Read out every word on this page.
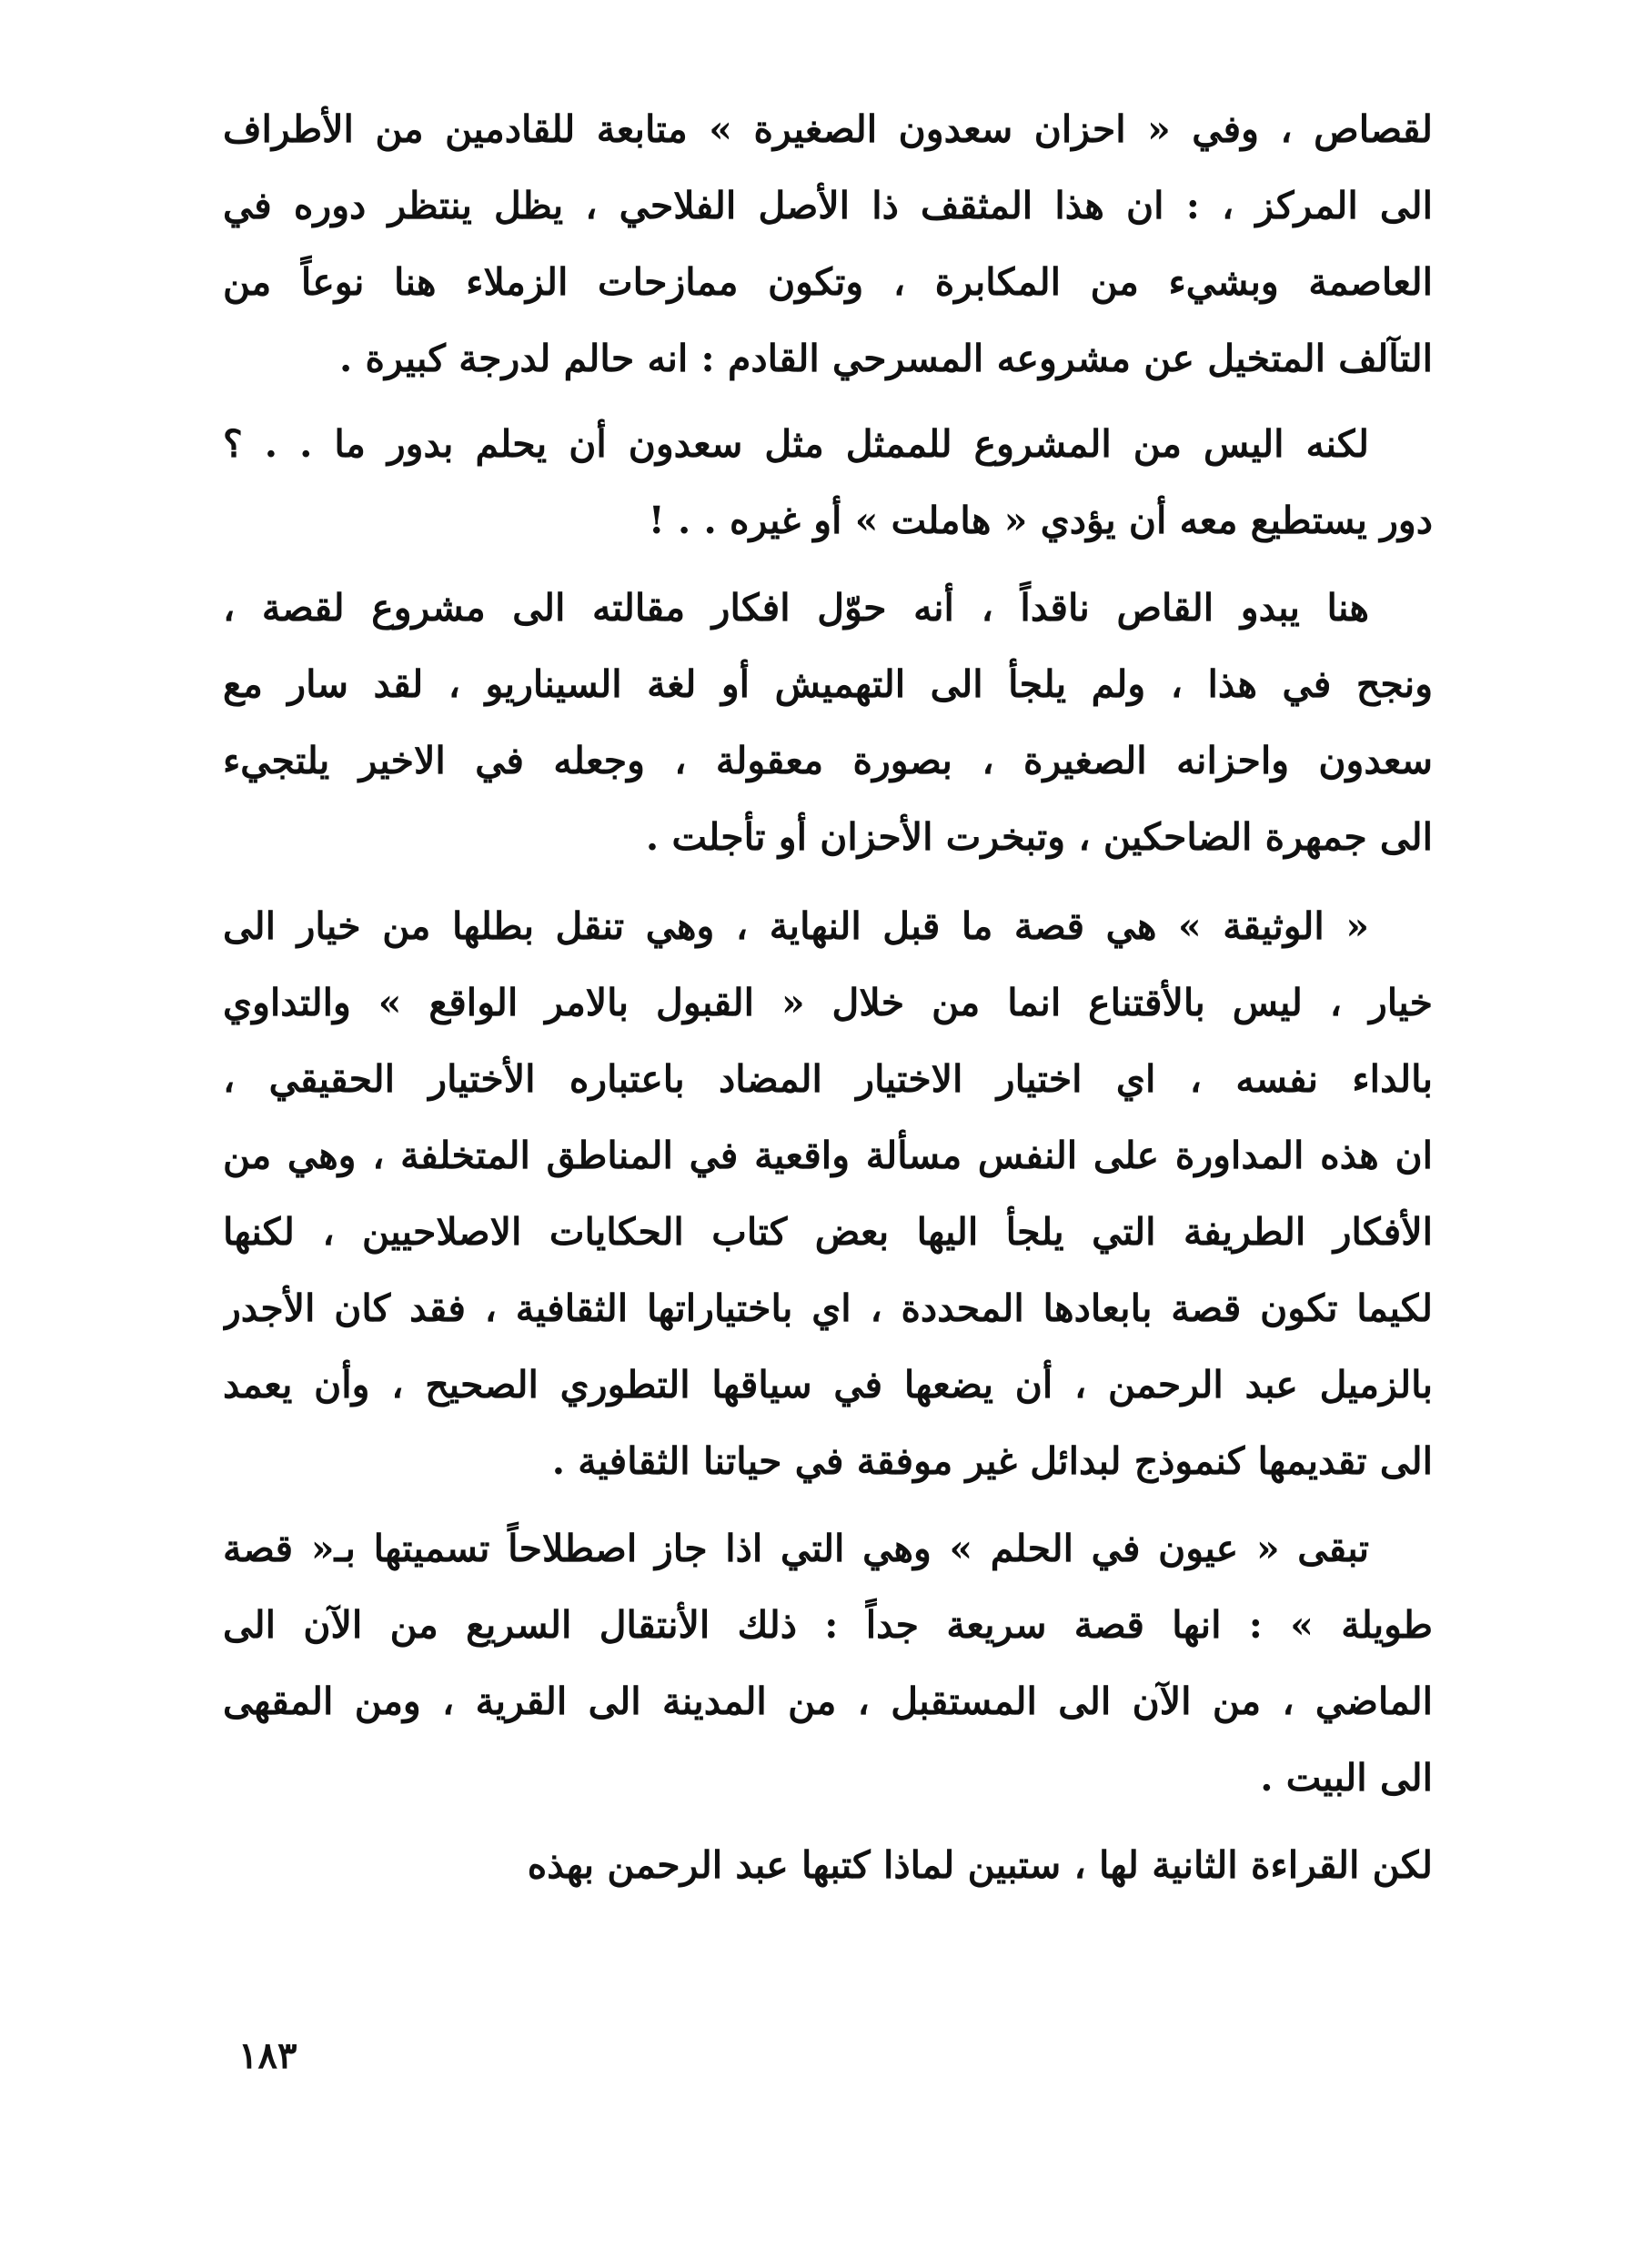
لقصاص ، وفي « احزان سعدون الصغيرة » متابعة للقادمين من الأطراف
الى المركز ، : ان هذا المثقف ذا الأصل الفلاحي ، يظل ينتظر دوره في
العاصمة وبشيء من المكابرة ، وتكون ممازحات الزملاء هنا نوعاً من
التآلف المتخيل عن مشروعه المسرحي القادم : انه حالم لدرجة كبيرة .
لكنه اليس من المشروع للممثل مثل سعدون أن يحلم بدور ما . . ؟
دور يستطيع معه أن يؤدي « هاملت » أو غيره . . !
هنا يبدو القاص ناقداً ، أنه حوّل افكار مقالته الى مشروع لقصة ،
ونجح في هذا ، ولم يلجأ الى التهميش أو لغة السيناريو ، لقد سار مع
سعدون واحزانه الصغيرة ، بصورة معقولة ، وجعله في الاخير يلتجيء
الى جمهرة الضاحكين ، وتبخرت الأحزان أو تأجلت .
« الوثيقة » هي قصة ما قبل النهاية ، وهي تنقل بطلها من خيار الى
خيار ، ليس بالأقتناع انما من خلال « القبول بالامر الواقع » والتداوي
بالداء نفسه ، اي اختيار الاختيار المضاد باعتباره الأختيار الحقيقي ،
ان هذه المداورة على النفس مسألة واقعية في المناطق المتخلفة ، وهي من
الأفكار الطريفة التي يلجأ اليها بعض كتاب الحكايات الاصلاحيين ، لكنها
لكيما تكون قصة بابعادها المحددة ، اي باختياراتها الثقافية ، فقد كان الأجدر
بالزميل عبد الرحمن ، أن يضعها في سياقها التطوري الصحيح ، وأن يعمد
الى تقديمها كنموذج لبدائل غير موفقة في حياتنا الثقافية .
تبقى « عيون في الحلم » وهي التي اذا جاز اصطلاحاً تسميتها بـ« قصة
طويلة » : انها قصة سريعة جداً : ذلك الأنتقال السريع من الآن الى
الماضي ، من الآن الى المستقبل ، من المدينة الى القرية ، ومن المقهى
الى البيت .
لكن القراءة الثانية لها ، ستبين لماذا كتبها عبد الرحمن بهذه
١٨٣
